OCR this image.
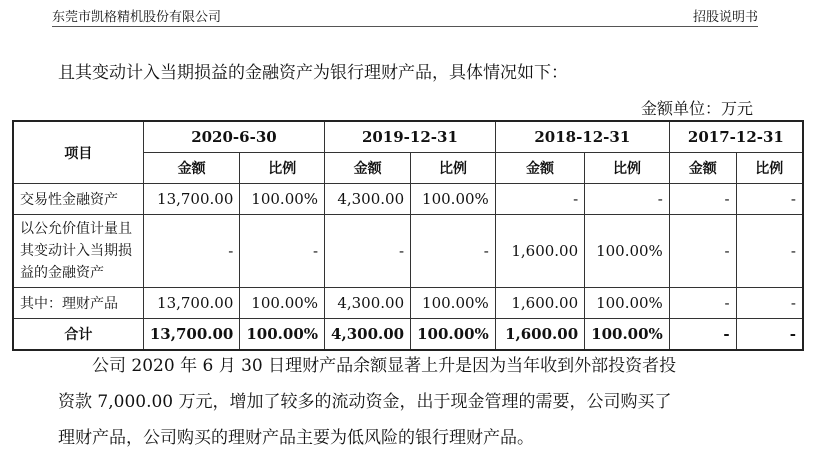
东莞市凯格精机股份有限公司	招股说明书
且其变动计入当期损益的金融资产为银行理财产品，具体情况如下：
金额单位：万元
项目	2020-6-30		2019-12-31		2018-12-31		2017-12-31	
	金额	比例	金额	比例	金额	比例	金额	比例
交易性金融资产	13,700.00	100.00%	4,300.00	100.00%	-	-	-	-
以公允价值计量且其变动计入当期损益的金融资产	-	-	-	-	1,600.00	100.00%	-	-
其中：理财产品	13,700.00	100.00%	4,300.00	100.00%	1,600.00	100.00%	-	-
合计	13,700.00	100.00%	4,300.00	100.00%	1,600.00	100.00%	-	-
公司 2020 年 6 月 30 日理财产品余额显著上升是因为当年收到外部投资者投
资款 7,000.00 万元，增加了较多的流动资金，出于现金管理的需要，公司购买了
理财产品，公司购买的理财产品主要为低风险的银行理财产品。
